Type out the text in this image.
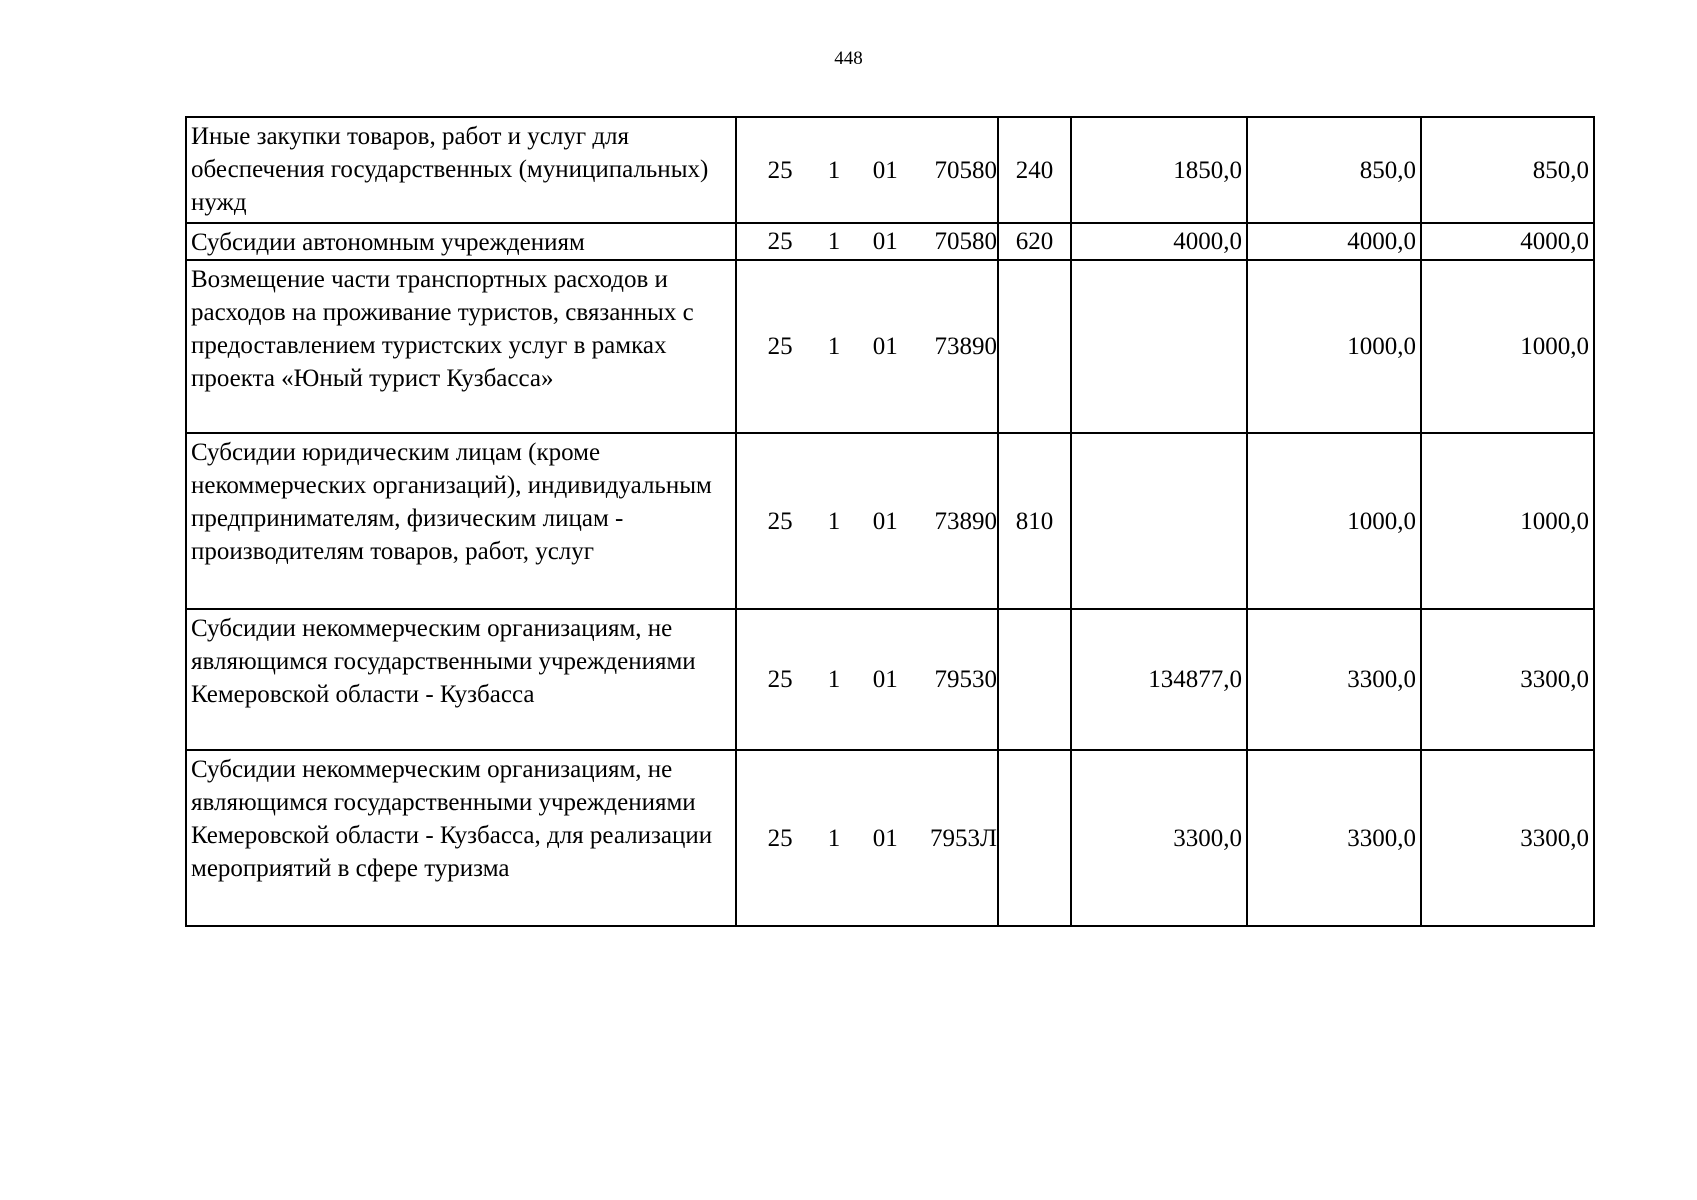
448
Иные закупки товаров, работ и услуг для обеспечения государственных (муниципальных) нужд	25 1 01 70580	240	1850,0	850,0	850,0
Субсидии автономным учреждениям	25 1 01 70580	620	4000,0	4000,0	4000,0
Возмещение части транспортных расходов и расходов на проживание туристов, связанных с предоставлением туристских услуг в рамках проекта «Юный турист Кузбасса»	25 1 01 73890			1000,0	1000,0
Субсидии юридическим лицам (кроме некоммерческих организаций), индивидуальным предпринимателям, физическим лицам - производителям товаров, работ, услуг	25 1 01 73890	810		1000,0	1000,0
Субсидии некоммерческим организациям, не являющимся государственными учреждениями Кемеровской области - Кузбасса	25 1 01 79530		134877,0	3300,0	3300,0
Субсидии некоммерческим организациям, не являющимся государственными учреждениями Кемеровской области - Кузбасса, для реализации мероприятий в сфере туризма	25 1 01 7953Л		3300,0	3300,0	3300,0
